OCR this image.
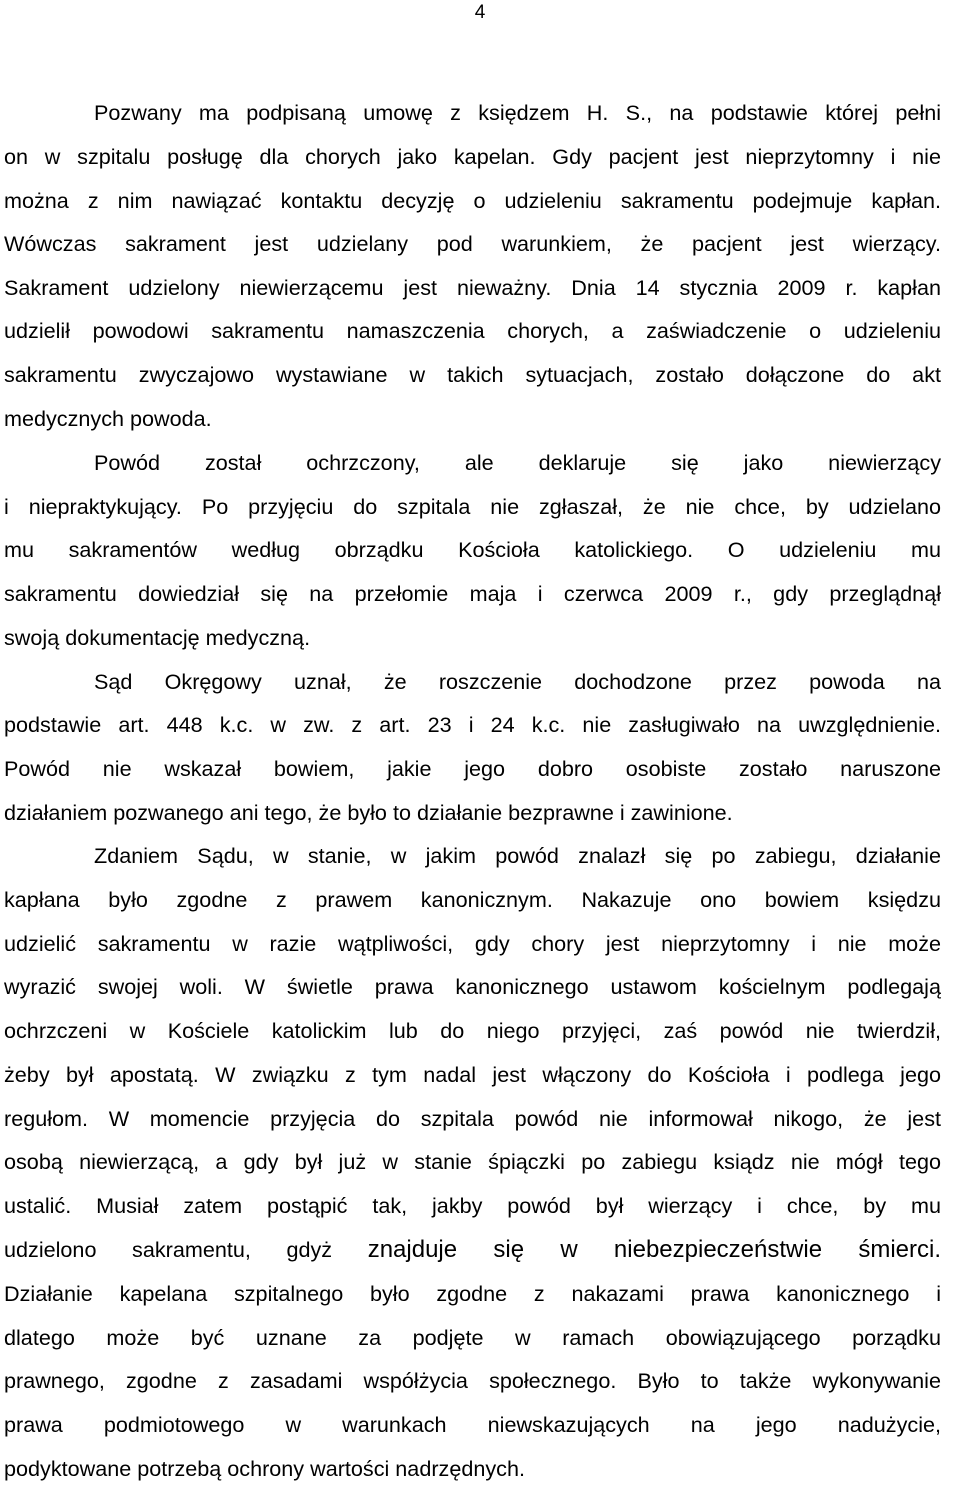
4
Pozwany ma podpisaną umowę z księdzem H. S., na podstawie której pełni
on w szpitalu posługę dla chorych jako kapelan. Gdy pacjent jest nieprzytomny i nie
można z nim nawiązać kontaktu decyzję o udzieleniu sakramentu podejmuje kapłan.
Wówczas sakrament jest udzielany pod warunkiem, że pacjent jest wierzący.
Sakrament udzielony niewierzącemu jest nieważny. Dnia 14 stycznia 2009 r. kapłan
udzielił powodowi sakramentu namaszczenia chorych, a zaświadczenie o udzieleniu
sakramentu zwyczajowo wystawiane w takich sytuacjach, zostało dołączone do akt
medycznych powoda.
Powód został ochrzczony, ale deklaruje się jako niewierzący
i niepraktykujący. Po przyjęciu do szpitala nie zgłaszał, że nie chce, by udzielano
mu sakramentów według obrządku Kościoła katolickiego. O udzieleniu mu
sakramentu dowiedział się na przełomie maja i czerwca 2009 r., gdy przeglądnął
swoją dokumentację medyczną.
Sąd Okręgowy uznał, że roszczenie dochodzone przez powoda na
podstawie art. 448 k.c. w zw. z art. 23 i 24 k.c. nie zasługiwało na uwzględnienie.
Powód nie wskazał bowiem, jakie jego dobro osobiste zostało naruszone
działaniem pozwanego ani tego, że było to działanie bezprawne i zawinione.
Zdaniem Sądu, w stanie, w jakim powód znalazł się po zabiegu, działanie
kapłana było zgodne z prawem kanonicznym. Nakazuje ono bowiem księdzu
udzielić sakramentu w razie wątpliwości, gdy chory jest nieprzytomny i nie może
wyrazić swojej woli. W świetle prawa kanonicznego ustawom kościelnym podlegają
ochrzczeni w Kościele katolickim lub do niego przyjęci, zaś powód nie twierdził,
żeby był apostatą. W związku z tym nadal jest włączony do Kościoła i podlega jego
regułom. W momencie przyjęcia do szpitala powód nie informował nikogo, że jest
osobą niewierzącą, a gdy był już w stanie śpiączki po zabiegu ksiądz nie mógł tego
ustalić. Musiał zatem postąpić tak, jakby powód był wierzący i chce, by mu
udzielono sakramentu, gdyż znajduje się w niebezpieczeństwie śmierci.
Działanie kapelana szpitalnego było zgodne z nakazami prawa kanonicznego i
dlatego może być uznane za podjęte w ramach obowiązującego porządku
prawnego, zgodne z zasadami współżycia społecznego. Było to także wykonywanie
prawa podmiotowego w warunkach niewskazujących na jego nadużycie,
podyktowane potrzebą ochrony wartości nadrzędnych.
